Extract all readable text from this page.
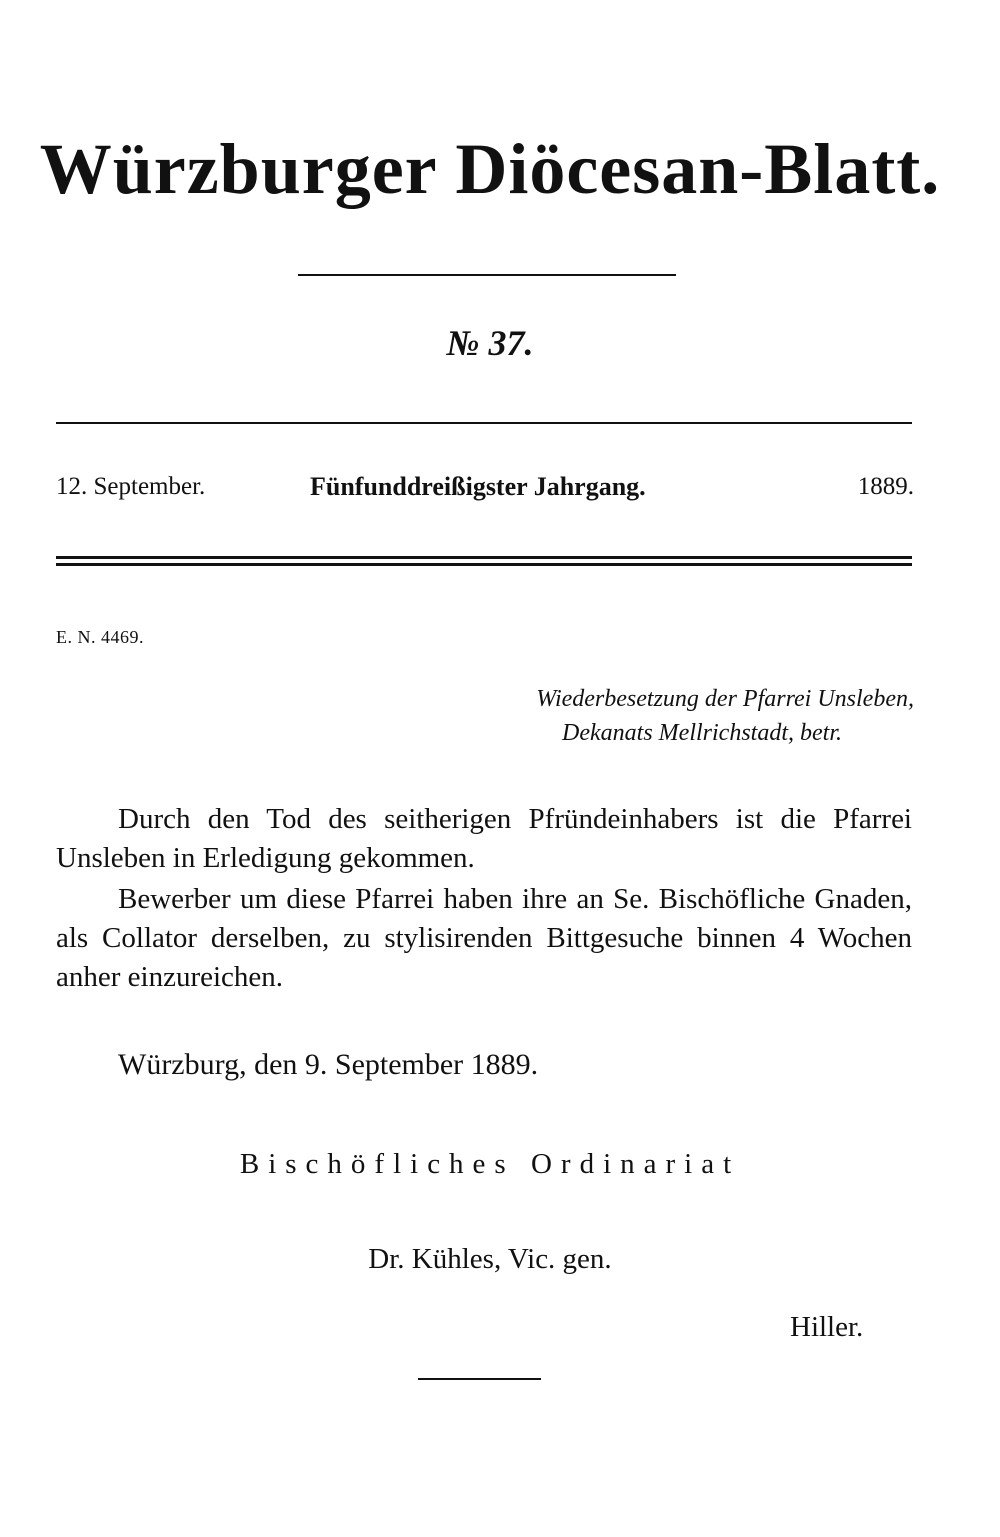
Würzburger Diöcesan-Blatt.
№ 37.
12. September.	Fünfunddreißigster Jahrgang.	1889.
E. N. 4469.
Wiederbesetzung der Pfarrei Unsleben,
Dekanats Mellrichstadt, betr.
Durch den Tod des seitherigen Pfründeinhabers ist die Pfarrei Unsleben in Erledigung gekommen.
Bewerber um diese Pfarrei haben ihre an Se. Bischöfliche Gnaden, als Collator derselben, zu stylisirenden Bittgesuche binnen 4 Wochen anher einzureichen.
Würzburg, den 9. September 1889.
Bischöfliches Ordinariat
Dr. Kühles, Vic. gen.
Hiller.
